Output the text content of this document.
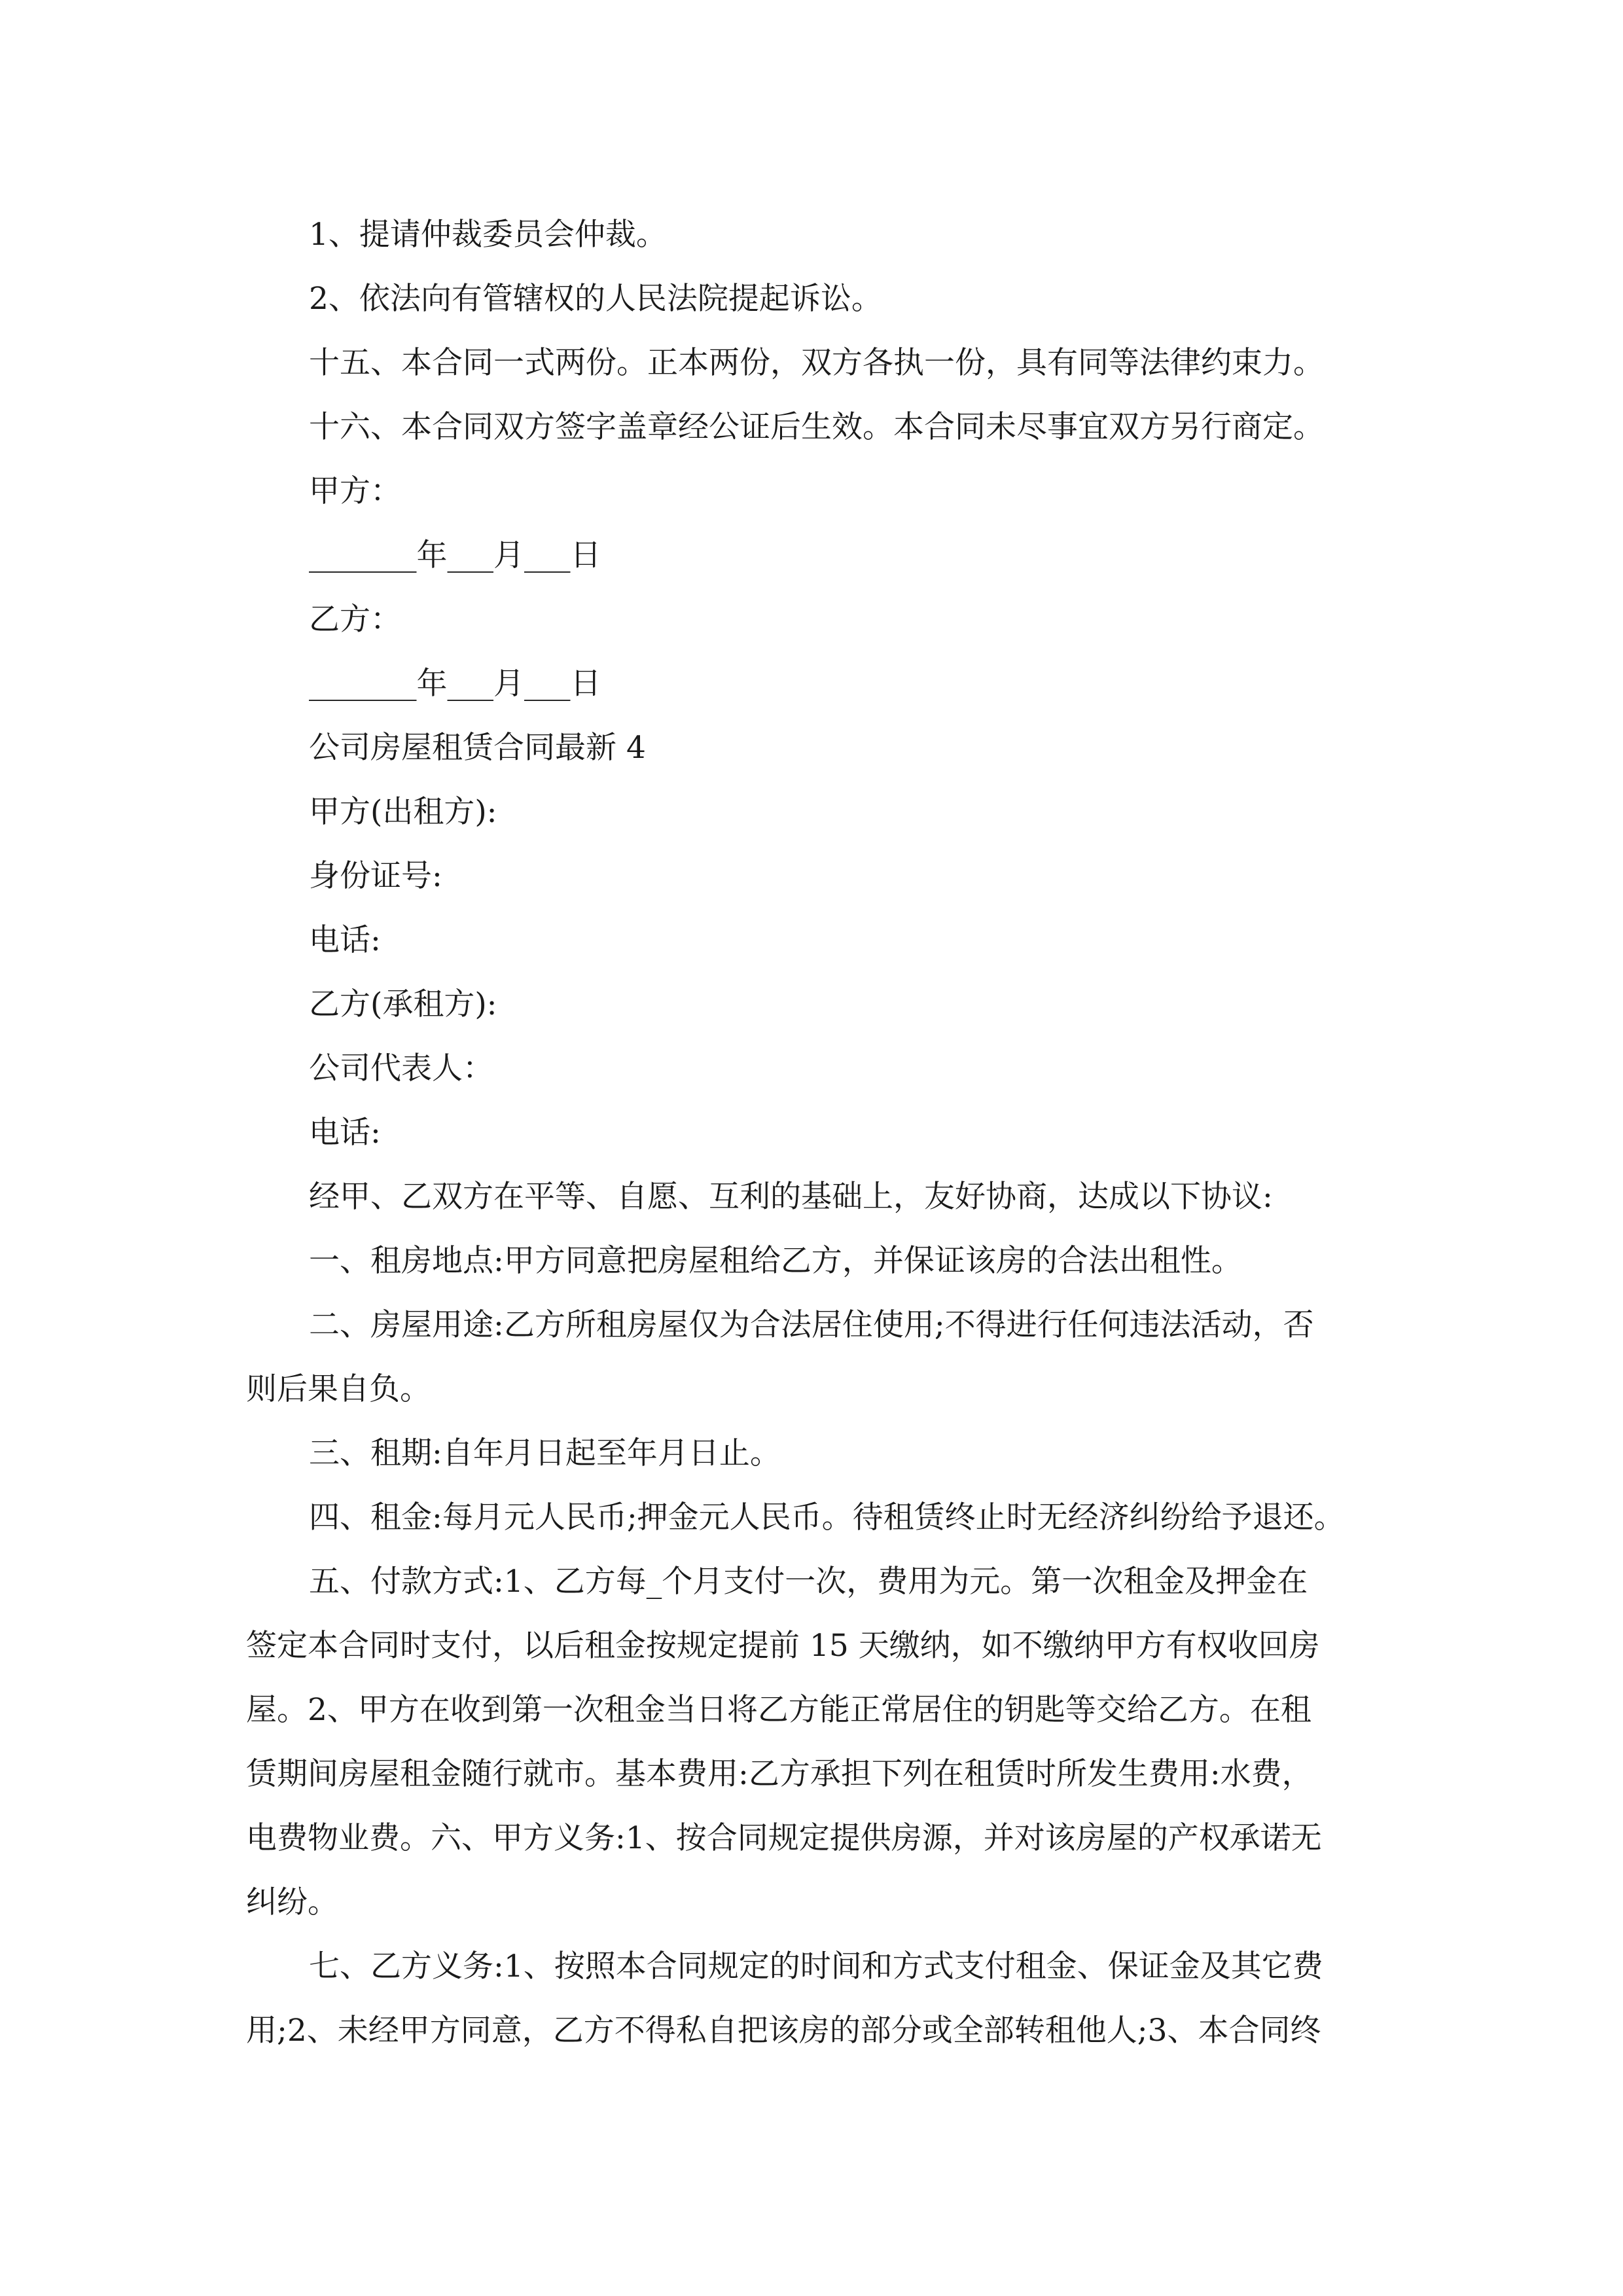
1、提请仲裁委员会仲裁。
2、依法向有管辖权的人民法院提起诉讼。
十五、本合同一式两份。正本两份，双方各执一份，具有同等法律约束力。
十六、本合同双方签字盖章经公证后生效。本合同未尽事宜双方另行商定。
甲方：
_______年___月___日
乙方：
_______年___月___日
公司房屋租赁合同最新 4
甲方(出租方):
身份证号:
电话:
乙方(承租方):
公司代表人：
电话:
经甲、乙双方在平等、自愿、互利的基础上，友好协商，达成以下协议:
一、租房地点:甲方同意把房屋租给乙方，并保证该房的合法出租性。
二、房屋用途:乙方所租房屋仅为合法居住使用;不得进行任何违法活动，否
则后果自负。
三、租期:自年月日起至年月日止。
四、租金:每月元人民币;押金元人民币。待租赁终止时无经济纠纷给予退还。
五、付款方式:1、乙方每_个月支付一次，费用为元。第一次租金及押金在
签定本合同时支付，以后租金按规定提前 15 天缴纳，如不缴纳甲方有权收回房
屋。2、甲方在收到第一次租金当日将乙方能正常居住的钥匙等交给乙方。在租
赁期间房屋租金随行就市。基本费用:乙方承担下列在租赁时所发生费用:水费，
电费物业费。六、甲方义务:1、按合同规定提供房源，并对该房屋的产权承诺无
纠纷。
七、乙方义务:1、按照本合同规定的时间和方式支付租金、保证金及其它费
用;2、未经甲方同意，乙方不得私自把该房的部分或全部转租他人;3、本合同终
